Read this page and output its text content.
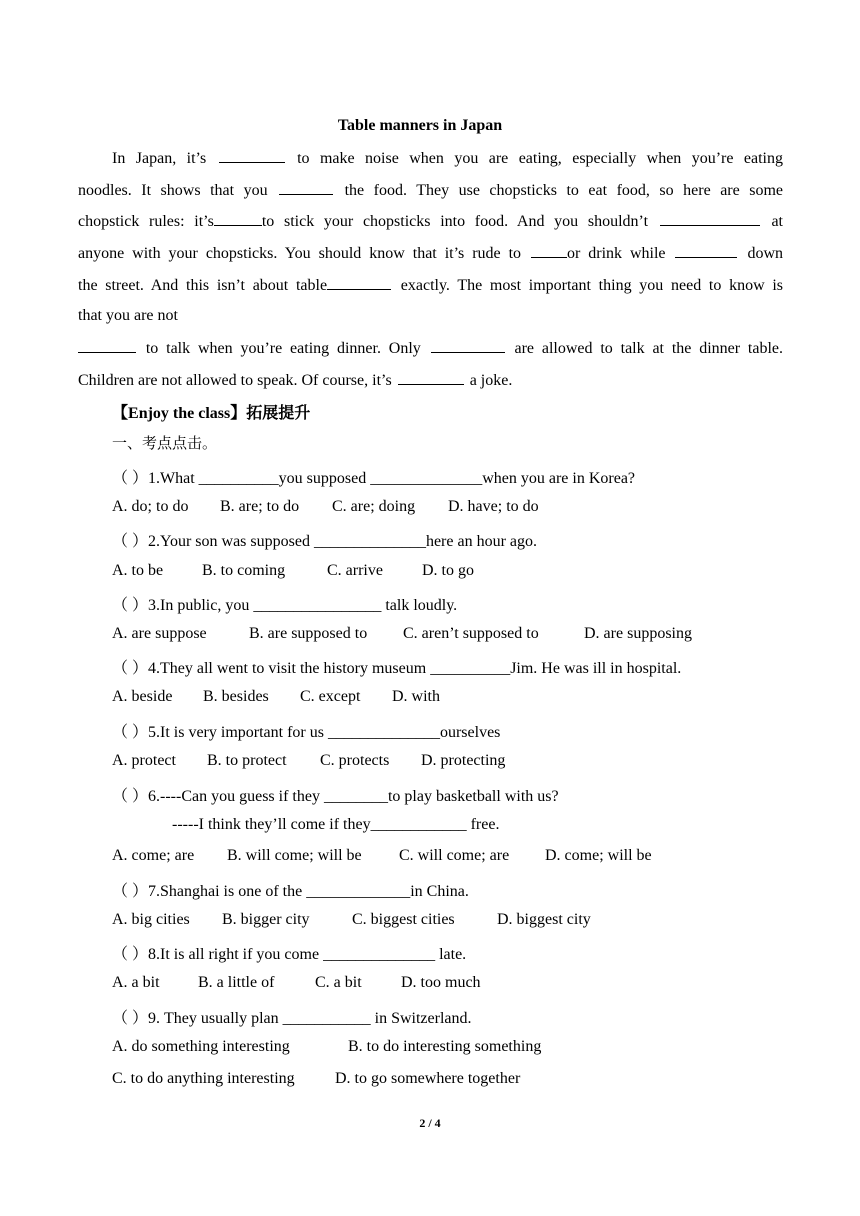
Table manners in Japan
In Japan, it’s	to make noise when you are eating, especially when you’re eating
noodles. It shows that you	the food. They use chopsticks to eat food, so here are some
chopstick rules: it’s	to stick your chopsticks into food. And you shouldn’t	at
anyone with your chopsticks. You should know that it’s rude to	or drink while	down
the street. And this isn’t about table	exactly. The most important thing you need to know is
that you are not
to talk when you’re eating dinner. Only	are allowed to talk at the dinner table.
Children are not allowed to speak. Of course, it’s	a joke.
【Enjoy the class】拓展提升
一、考点点击。
（ ）1.What __________you supposed ______________when you are in Korea?
A. do; to do B. are; to do C. are; doing D. have; to do
（ ）2.Your son was supposed ______________here an hour ago.
A. to be B. to coming	C. arrive D. to go
（ ）3.In public, you ________________ talk loudly.
A. are suppose	B. are supposed to C. aren’t supposed to	D. are supposing
（ ）4.They all went to visit the history museum __________Jim. He was ill in hospital.
A. beside B. besides C. except D. with
（ ）5.It is very important for us ______________ourselves
A. protect B. to protect C. protects D. protecting
（ ）6.----Can you guess if they ________to play basketball with us?
-----I think they’ll come if they____________ free.
A. come; are B. will come; will be C. will come; are D. come; will be
（ ）7.Shanghai is one of the _____________in China.
A. big cities B. bigger city	C. biggest cities	D. biggest city
（ ）8.It is all right if you come ______________ late.
A. a bit B. a little of	C. a bit D. too much
（ ）9. They usually plan ___________ in Switzerland.
A. do something interesting	B. to do interesting something
C. to do anything interesting	D. to go somewhere together
2 / 4
